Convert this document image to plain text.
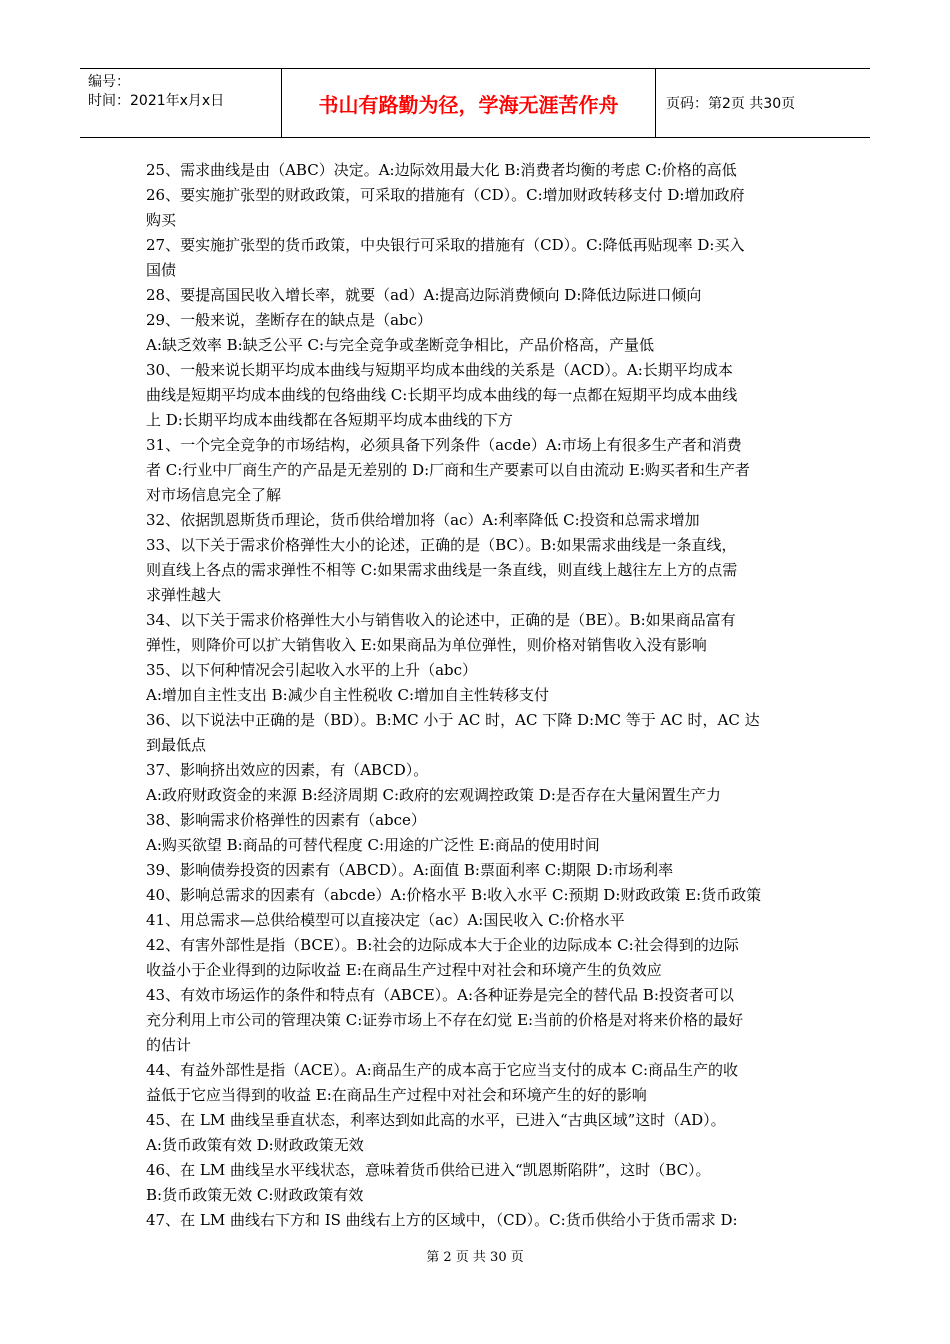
编号：
时间：2021年x月x日	书山有路勤为径，学海无涯苦作舟	页码：第2页 共30页
25、需求曲线是由（ABC）决定。A:边际效用最大化 B:消费者均衡的考虑 C:价格的高低
26、要实施扩张型的财政政策，可采取的措施有（CD）。C:增加财政转移支付 D:增加政府
购买
27、要实施扩张型的货币政策，中央银行可采取的措施有（CD）。C:降低再贴现率 D:买入
国债
28、要提高国民收入增长率，就要（ad）A:提高边际消费倾向 D:降低边际进口倾向
29、一般来说，垄断存在的缺点是（abc）
A:缺乏效率 B:缺乏公平 C:与完全竞争或垄断竞争相比，产品价格高，产量低
30、一般来说长期平均成本曲线与短期平均成本曲线的关系是（ACD）。A:长期平均成本
曲线是短期平均成本曲线的包络曲线 C:长期平均成本曲线的每一点都在短期平均成本曲线
上 D:长期平均成本曲线都在各短期平均成本曲线的下方
31、一个完全竞争的市场结构，必须具备下列条件（acde）A:市场上有很多生产者和消费
者 C:行业中厂商生产的产品是无差别的 D:厂商和生产要素可以自由流动 E:购买者和生产者
对市场信息完全了解
32、依据凯恩斯货币理论，货币供给增加将（ac）A:利率降低 C:投资和总需求增加
33、以下关于需求价格弹性大小的论述，正确的是（BC）。B:如果需求曲线是一条直线，
则直线上各点的需求弹性不相等 C:如果需求曲线是一条直线，则直线上越往左上方的点需
求弹性越大
34、以下关于需求价格弹性大小与销售收入的论述中，正确的是（BE）。B:如果商品富有
弹性，则降价可以扩大销售收入 E:如果商品为单位弹性，则价格对销售收入没有影响
35、以下何种情况会引起收入水平的上升（abc）
A:增加自主性支出 B:减少自主性税收 C:增加自主性转移支付
36、以下说法中正确的是（BD）。B:MC 小于 AC 时，AC 下降 D:MC 等于 AC 时，AC 达
到最低点
37、影响挤出效应的因素，有（ABCD）。
A:政府财政资金的来源 B:经济周期 C:政府的宏观调控政策 D:是否存在大量闲置生产力
38、影响需求价格弹性的因素有（abce）
A:购买欲望 B:商品的可替代程度 C:用途的广泛性 E:商品的使用时间
39、影响债券投资的因素有（ABCD）。A:面值 B:票面利率 C:期限 D:市场利率
40、影响总需求的因素有（abcde）A:价格水平 B:收入水平 C:预期 D:财政政策 E:货币政策
41、用总需求—总供给模型可以直接决定（ac）A:国民收入 C:价格水平
42、有害外部性是指（BCE）。B:社会的边际成本大于企业的边际成本 C:社会得到的边际
收益小于企业得到的边际收益 E:在商品生产过程中对社会和环境产生的负效应
43、有效市场运作的条件和特点有（ABCE）。A:各种证券是完全的替代品 B:投资者可以
充分利用上市公司的管理决策 C:证券市场上不存在幻觉 E:当前的价格是对将来价格的最好
的估计
44、有益外部性是指（ACE）。A:商品生产的成本高于它应当支付的成本 C:商品生产的收
益低于它应当得到的收益 E:在商品生产过程中对社会和环境产生的好的影响
45、在 LM 曲线呈垂直状态，利率达到如此高的水平，已进入“古典区域”这时（AD）。
A:货币政策有效 D:财政政策无效
46、在 LM 曲线呈水平线状态，意味着货币供给已进入“凯恩斯陷阱”，这时（BC）。
B:货币政策无效 C:财政政策有效
47、在 LM 曲线右下方和 IS 曲线右上方的区域中，（CD）。C:货币供给小于货币需求 D:
第 2 页 共 30 页
